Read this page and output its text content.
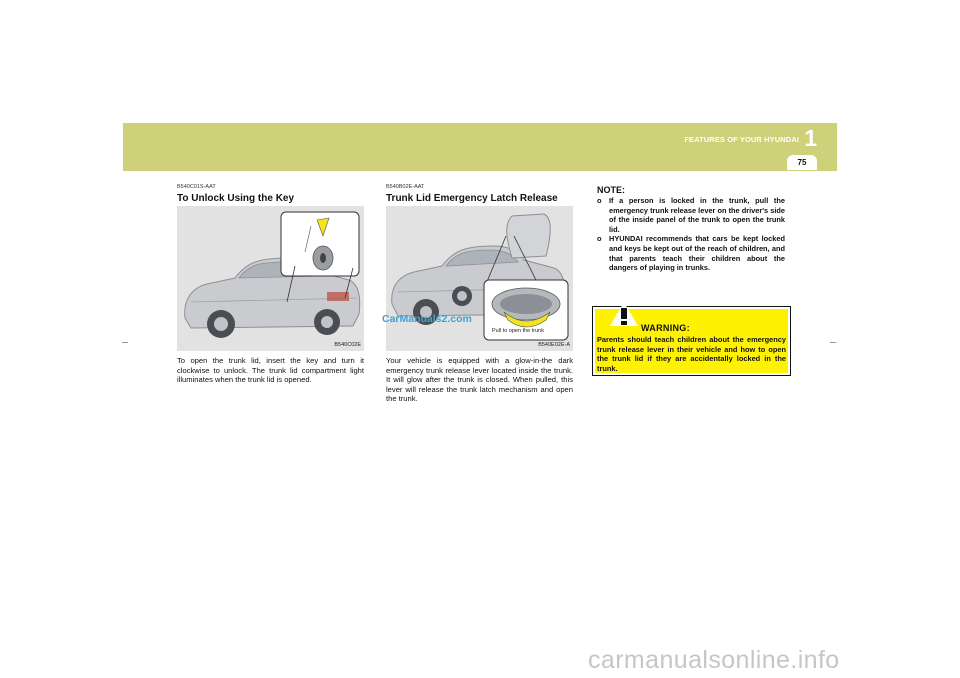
FEATURES OF YOUR HYUNDAI 1
75
B540C01S-AAT
To Unlock Using the Key
B540C02E
To open the trunk lid, insert the key and turn it clockwise to unlock. The trunk lid compartment light illuminates when the trunk lid is opened.
B540B02E-AAT
Trunk Lid Emergency Latch Release
Pull to open the trunk
B540E02E-A
CarManuals2.com
Your vehicle is equipped with a glow-in-the dark emergency trunk release lever located inside the trunk. It will glow after the trunk is closed. When pulled, this lever will release the trunk latch mechanism and open the trunk.
NOTE:
o If a person is locked in the trunk, pull the emergency trunk release lever on the driver's side of the inside panel of the trunk to open the trunk lid.
o HYUNDAI recommends that cars be kept locked and keys be kept out of the reach of children, and that parents teach their children about the dangers of playing in trunks.
WARNING:
Parents should teach children about the emergency trunk release lever in their vehicle and how to open the trunk lid if they are accidentally locked in the trunk.
carmanualsonline.info
